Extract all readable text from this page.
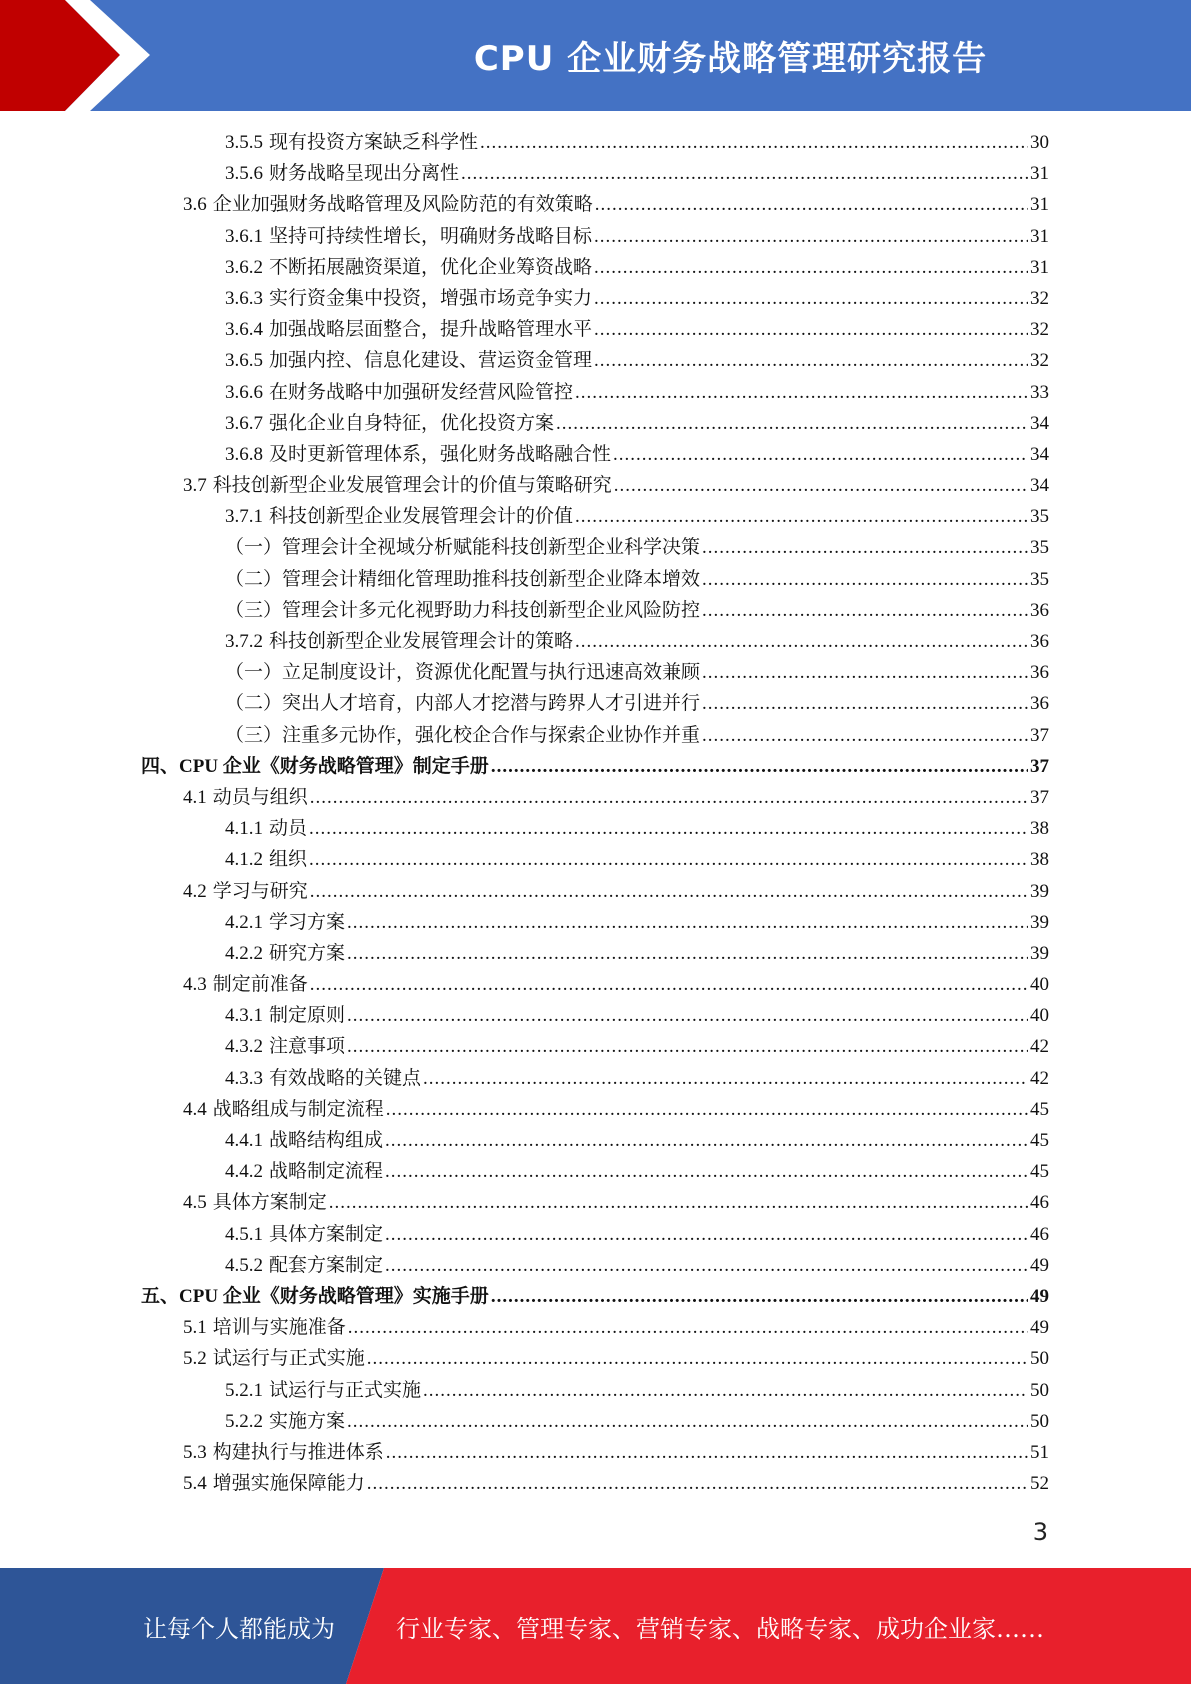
CPU 企业财务战略管理研究报告
3.5.5 现有投资方案缺乏科学性 .....	30
3.5.6 财务战略呈现出分离性 .....	31
3.6 企业加强财务战略管理及风险防范的有效策略 .....	31
3.6.1 坚持可持续性增长，明确财务战略目标 .....	31
3.6.2 不断拓展融资渠道，优化企业筹资战略 .....	31
3.6.3 实行资金集中投资，增强市场竞争实力 .....	32
3.6.4 加强战略层面整合，提升战略管理水平 .....	32
3.6.5 加强内控、信息化建设、营运资金管理 .....	32
3.6.6 在财务战略中加强研发经营风险管控 .....	33
3.6.7 强化企业自身特征，优化投资方案 .....	34
3.6.8 及时更新管理体系，强化财务战略融合性 .....	34
3.7 科技创新型企业发展管理会计的价值与策略研究 .....	34
3.7.1 科技创新型企业发展管理会计的价值 .....	35
（一）管理会计全视域分析赋能科技创新型企业科学决策 .....	35
（二）管理会计精细化管理助推科技创新型企业降本增效 .....	35
（三）管理会计多元化视野助力科技创新型企业风险防控 .....	36
3.7.2 科技创新型企业发展管理会计的策略 .....	36
（一）立足制度设计，资源优化配置与执行迅速高效兼顾 .....	36
（二）突出人才培育，内部人才挖潜与跨界人才引进并行 .....	36
（三）注重多元协作，强化校企合作与探索企业协作并重 .....	37
四、CPU 企业《财务战略管理》制定手册 .....	37
4.1 动员与组织 .....	37
4.1.1 动员 .....	38
4.1.2 组织 .....	38
4.2 学习与研究 .....	39
4.2.1 学习方案 .....	39
4.2.2 研究方案 .....	39
4.3 制定前准备 .....	40
4.3.1 制定原则 .....	40
4.3.2 注意事项 .....	42
4.3.3 有效战略的关键点 .....	42
4.4 战略组成与制定流程 .....	45
4.4.1 战略结构组成 .....	45
4.4.2 战略制定流程 .....	45
4.5 具体方案制定 .....	46
4.5.1 具体方案制定 .....	46
4.5.2 配套方案制定 .....	49
五、CPU 企业《财务战略管理》实施手册 .....	49
5.1 培训与实施准备 .....	49
5.2 试运行与正式实施 .....	50
5.2.1 试运行与正式实施 .....	50
5.2.2 实施方案 .....	50
5.3 构建执行与推进体系 .....	51
5.4 增强实施保障能力 .....	52
3
让每个人都能成为	行业专家、管理专家、营销专家、战略专家、成功企业家……
